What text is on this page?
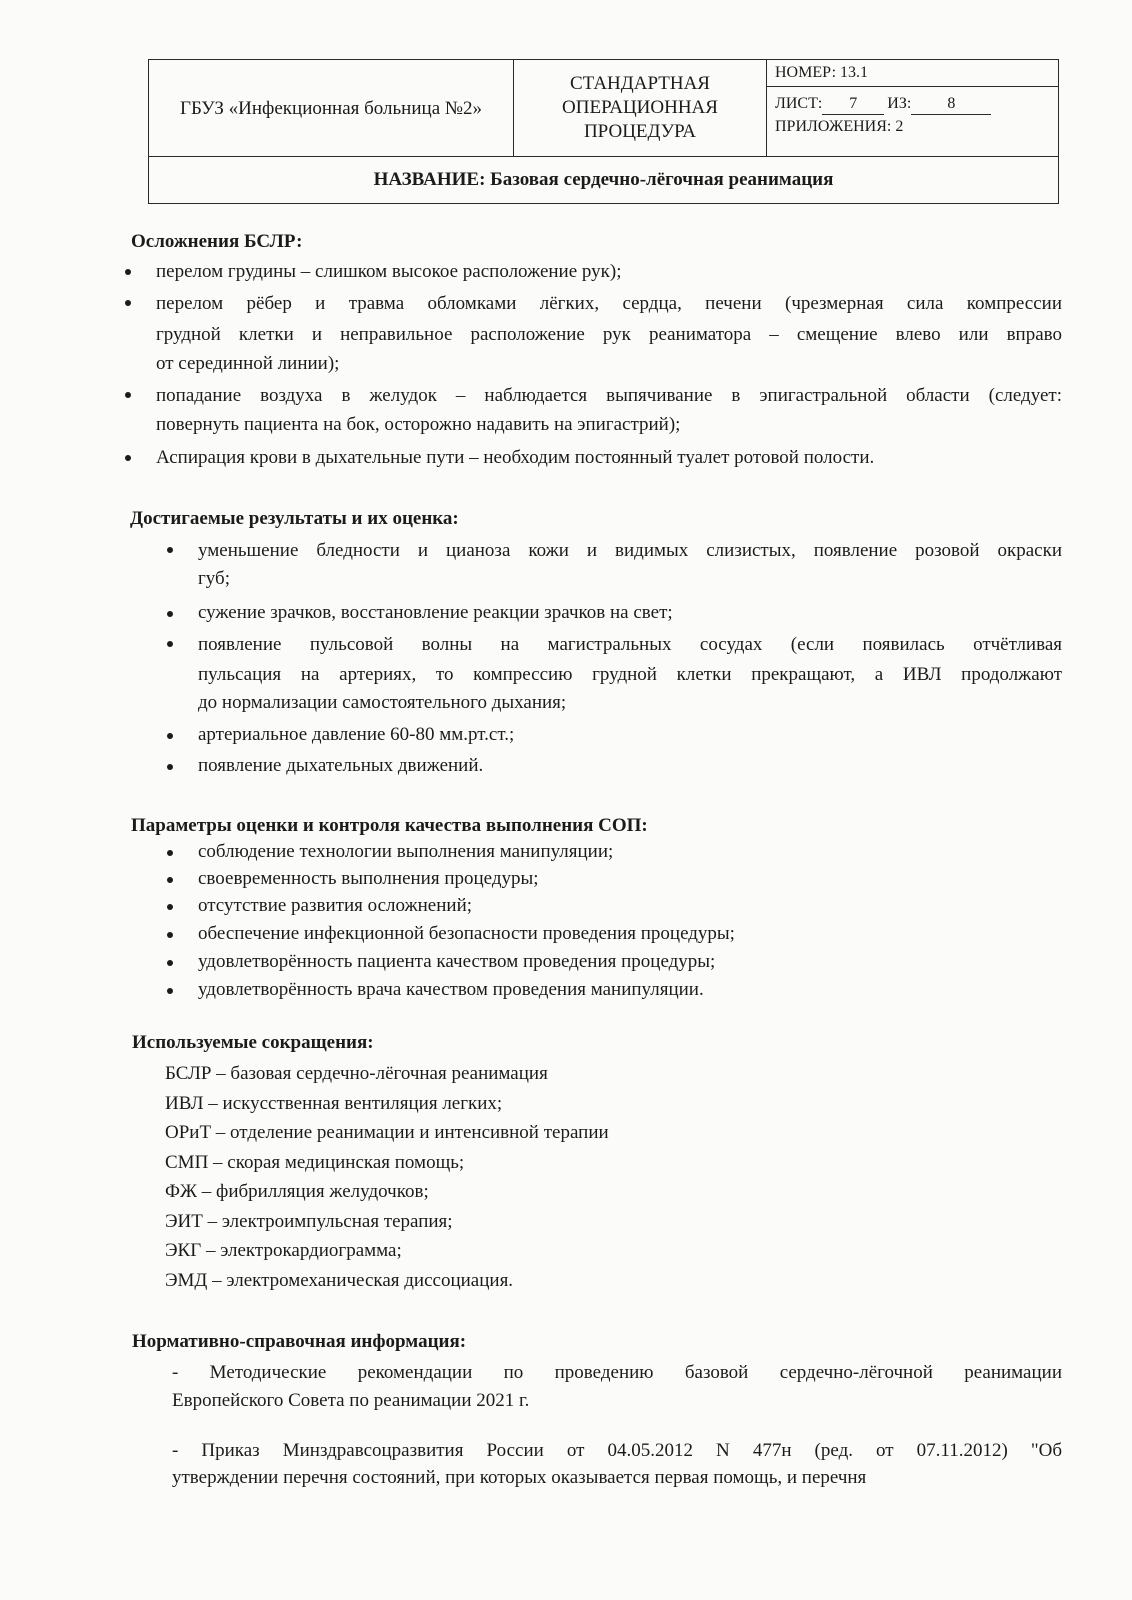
ГБУЗ «Инфекционная больница №2»
СТАНДАРТНАЯ ОПЕРАЦИОННАЯ ПРОЦЕДУРА
НОМЕР: 13.1
ЛИСТ: 7 ИЗ: 8
ПРИЛОЖЕНИЯ: 2
НАЗВАНИЕ: Базовая сердечно-лёгочная реанимация
Осложнения БСЛР:
перелом грудины – слишком высокое расположение рук);
перелом рёбер и травма обломками лёгких, сердца, печени (чрезмерная сила компрессии
грудной клетки и неправильное расположение рук реаниматора – смещение влево или вправо
от серединной линии);
попадание воздуха в желудок – наблюдается выпячивание в эпигастральной области (следует:
повернуть пациента на бок, осторожно надавить на эпигастрий);
Аспирация крови в дыхательные пути – необходим постоянный туалет ротовой полости.
Достигаемые результаты и их оценка:
уменьшение бледности и цианоза кожи и видимых слизистых, появление розовой окраски
губ;
сужение зрачков, восстановление реакции зрачков на свет;
появление пульсовой волны на магистральных сосудах (если появилась отчётливая
пульсация на артериях, то компрессию грудной клетки прекращают, а ИВЛ продолжают
до нормализации самостоятельного дыхания;
артериальное давление 60-80 мм.рт.ст.;
появление дыхательных движений.
Параметры оценки и контроля качества выполнения СОП:
соблюдение технологии выполнения манипуляции;
своевременность выполнения процедуры;
отсутствие развития осложнений;
обеспечение инфекционной безопасности проведения процедуры;
удовлетворённость пациента качеством проведения процедуры;
удовлетворённость врача качеством проведения манипуляции.
Используемые сокращения:
БСЛР – базовая сердечно-лёгочная реанимация
ИВЛ – искусственная вентиляция легких;
ОРиТ – отделение реанимации и интенсивной терапии
СМП – скорая медицинская помощь;
ФЖ – фибрилляция желудочков;
ЭИТ – электроимпульсная терапия;
ЭКГ – электрокардиограмма;
ЭМД – электромеханическая диссоциация.
Нормативно-справочная информация:
- Методические рекомендации по проведению базовой сердечно-лёгочной реанимации
Европейского Совета по реанимации 2021 г.
- Приказ Минздравсоцразвития России от 04.05.2012 N 477н (ред. от 07.11.2012) "Об
утверждении перечня состояний, при которых оказывается первая помощь, и перечня
